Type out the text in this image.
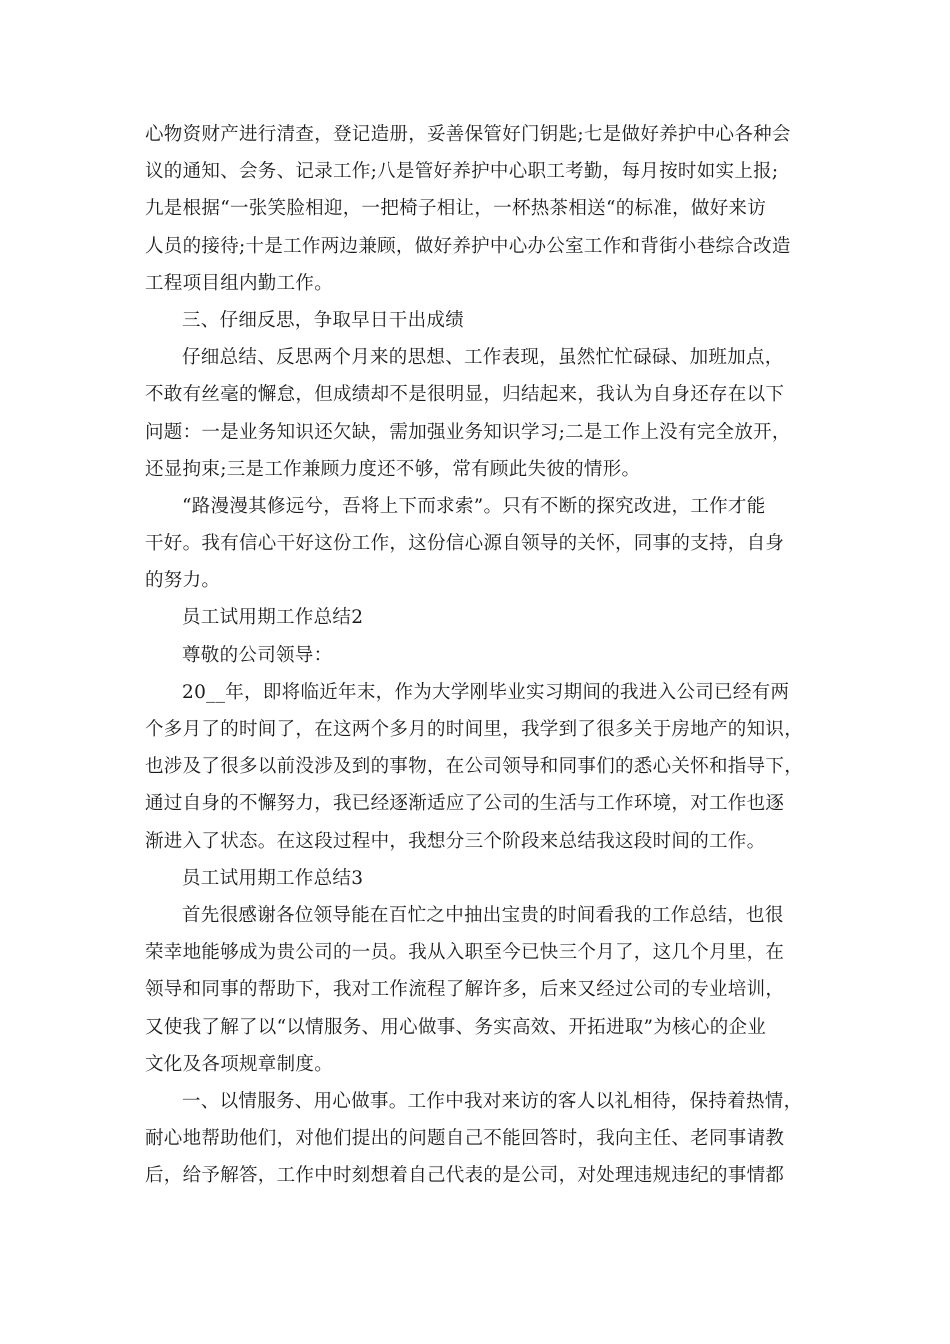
心物资财产进行清查，登记造册，妥善保管好门钥匙;七是做好养护中心各种会
议的通知、会务、记录工作;八是管好养护中心职工考勤，每月按时如实上报;
九是根据“一张笑脸相迎，一把椅子相让，一杯热茶相送“的标准，做好来访
人员的接待;十是工作两边兼顾，做好养护中心办公室工作和背街小巷综合改造
工程项目组内勤工作。
三、仔细反思，争取早日干出成绩
仔细总结、反思两个月来的思想、工作表现，虽然忙忙碌碌、加班加点，
不敢有丝毫的懈怠，但成绩却不是很明显，归结起来，我认为自身还存在以下
问题：一是业务知识还欠缺，需加强业务知识学习;二是工作上没有完全放开，
还显拘束;三是工作兼顾力度还不够，常有顾此失彼的情形。
“路漫漫其修远兮，吾将上下而求索”。只有不断的探究改进，工作才能
干好。我有信心干好这份工作，这份信心源自领导的关怀，同事的支持，自身
的努力。
员工试用期工作总结2
尊敬的公司领导：
20__年，即将临近年末，作为大学刚毕业实习期间的我进入公司已经有两
个多月了的时间了，在这两个多月的时间里，我学到了很多关于房地产的知识，
也涉及了很多以前没涉及到的事物，在公司领导和同事们的悉心关怀和指导下，
通过自身的不懈努力，我已经逐渐适应了公司的生活与工作环境，对工作也逐
渐进入了状态。在这段过程中，我想分三个阶段来总结我这段时间的工作。
员工试用期工作总结3
首先很感谢各位领导能在百忙之中抽出宝贵的时间看我的工作总结，也很
荣幸地能够成为贵公司的一员。我从入职至今已快三个月了，这几个月里，在
领导和同事的帮助下，我对工作流程了解许多，后来又经过公司的专业培训，
又使我了解了以“以情服务、用心做事、务实高效、开拓进取”为核心的企业
文化及各项规章制度。
一、以情服务、用心做事。工作中我对来访的客人以礼相待，保持着热情，
耐心地帮助他们，对他们提出的问题自己不能回答时，我向主任、老同事请教
后，给予解答，工作中时刻想着自己代表的是公司，对处理违规违纪的事情都
